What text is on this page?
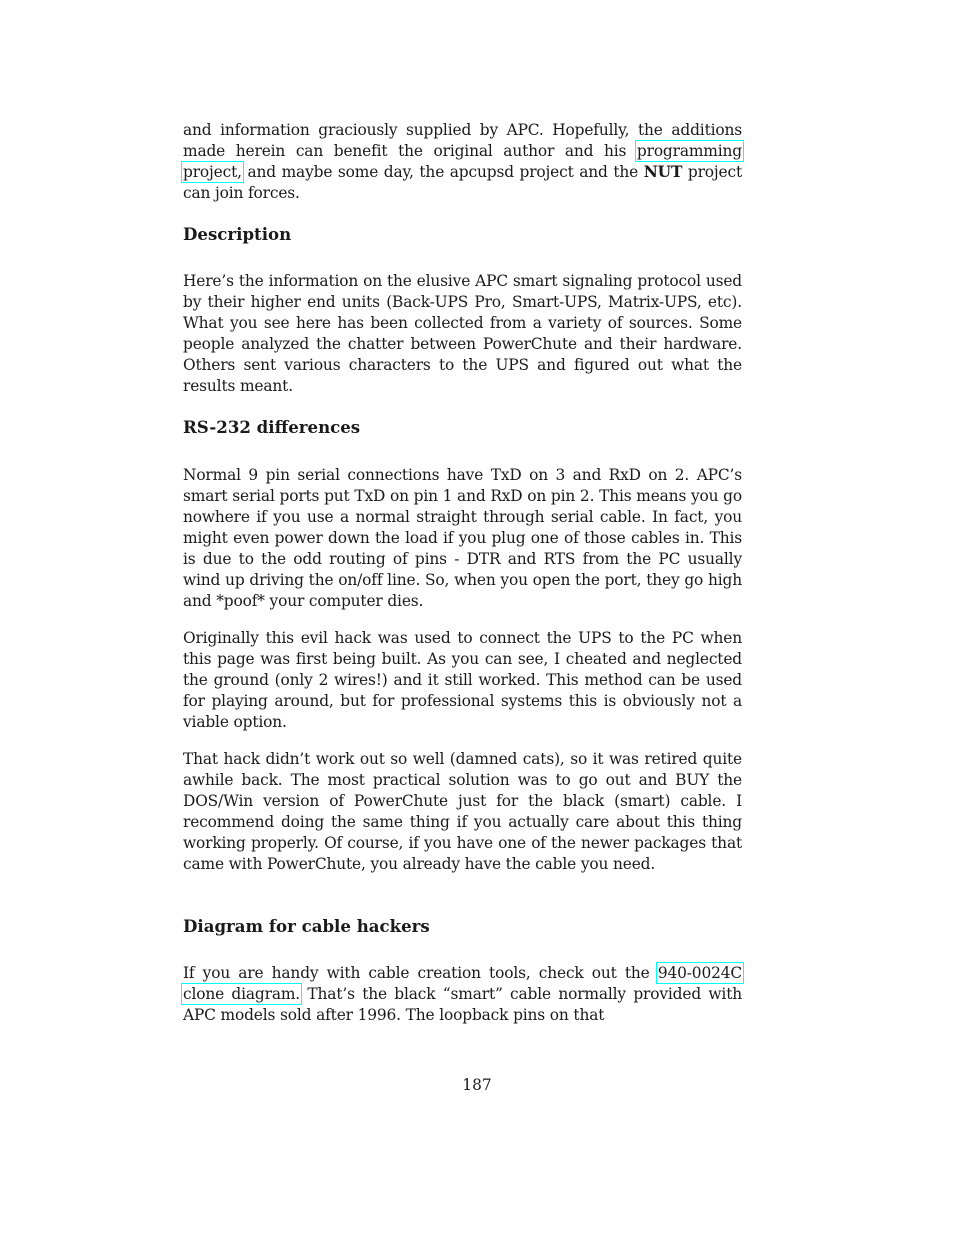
and information graciously supplied by APC. Hopefully, the additions made herein can benefit the original author and his programming project, and maybe some day, the apcupsd project and the NUT project can join forces.

Description

Here’s the information on the elusive APC smart signaling protocol used by their higher end units (Back-UPS Pro, Smart-UPS, Matrix-UPS, etc). What you see here has been collected from a variety of sources. Some people analyzed the chatter between PowerChute and their hardware. Others sent various characters to the UPS and figured out what the results meant.

RS-232 differences

Normal 9 pin serial connections have TxD on 3 and RxD on 2. APC’s smart serial ports put TxD on pin 1 and RxD on pin 2. This means you go nowhere if you use a normal straight through serial cable. In fact, you might even power down the load if you plug one of those cables in. This is due to the odd routing of pins - DTR and RTS from the PC usually wind up driving the on/off line. So, when you open the port, they go high and *poof* your computer dies.

Originally this evil hack was used to connect the UPS to the PC when this page was first being built. As you can see, I cheated and neglected the ground (only 2 wires!) and it still worked. This method can be used for playing around, but for professional systems this is obviously not a viable option.

That hack didn’t work out so well (damned cats), so it was retired quite awhile back. The most practical solution was to go out and BUY the DOS/Win version of PowerChute just for the black (smart) cable. I recommend doing the same thing if you actually care about this thing working properly. Of course, if you have one of the newer packages that came with PowerChute, you already have the cable you need.

Diagram for cable hackers

If you are handy with cable creation tools, check out the 940-0024C clone diagram. That’s the black “smart” cable normally provided with APC models sold after 1996. The loopback pins on that

187
